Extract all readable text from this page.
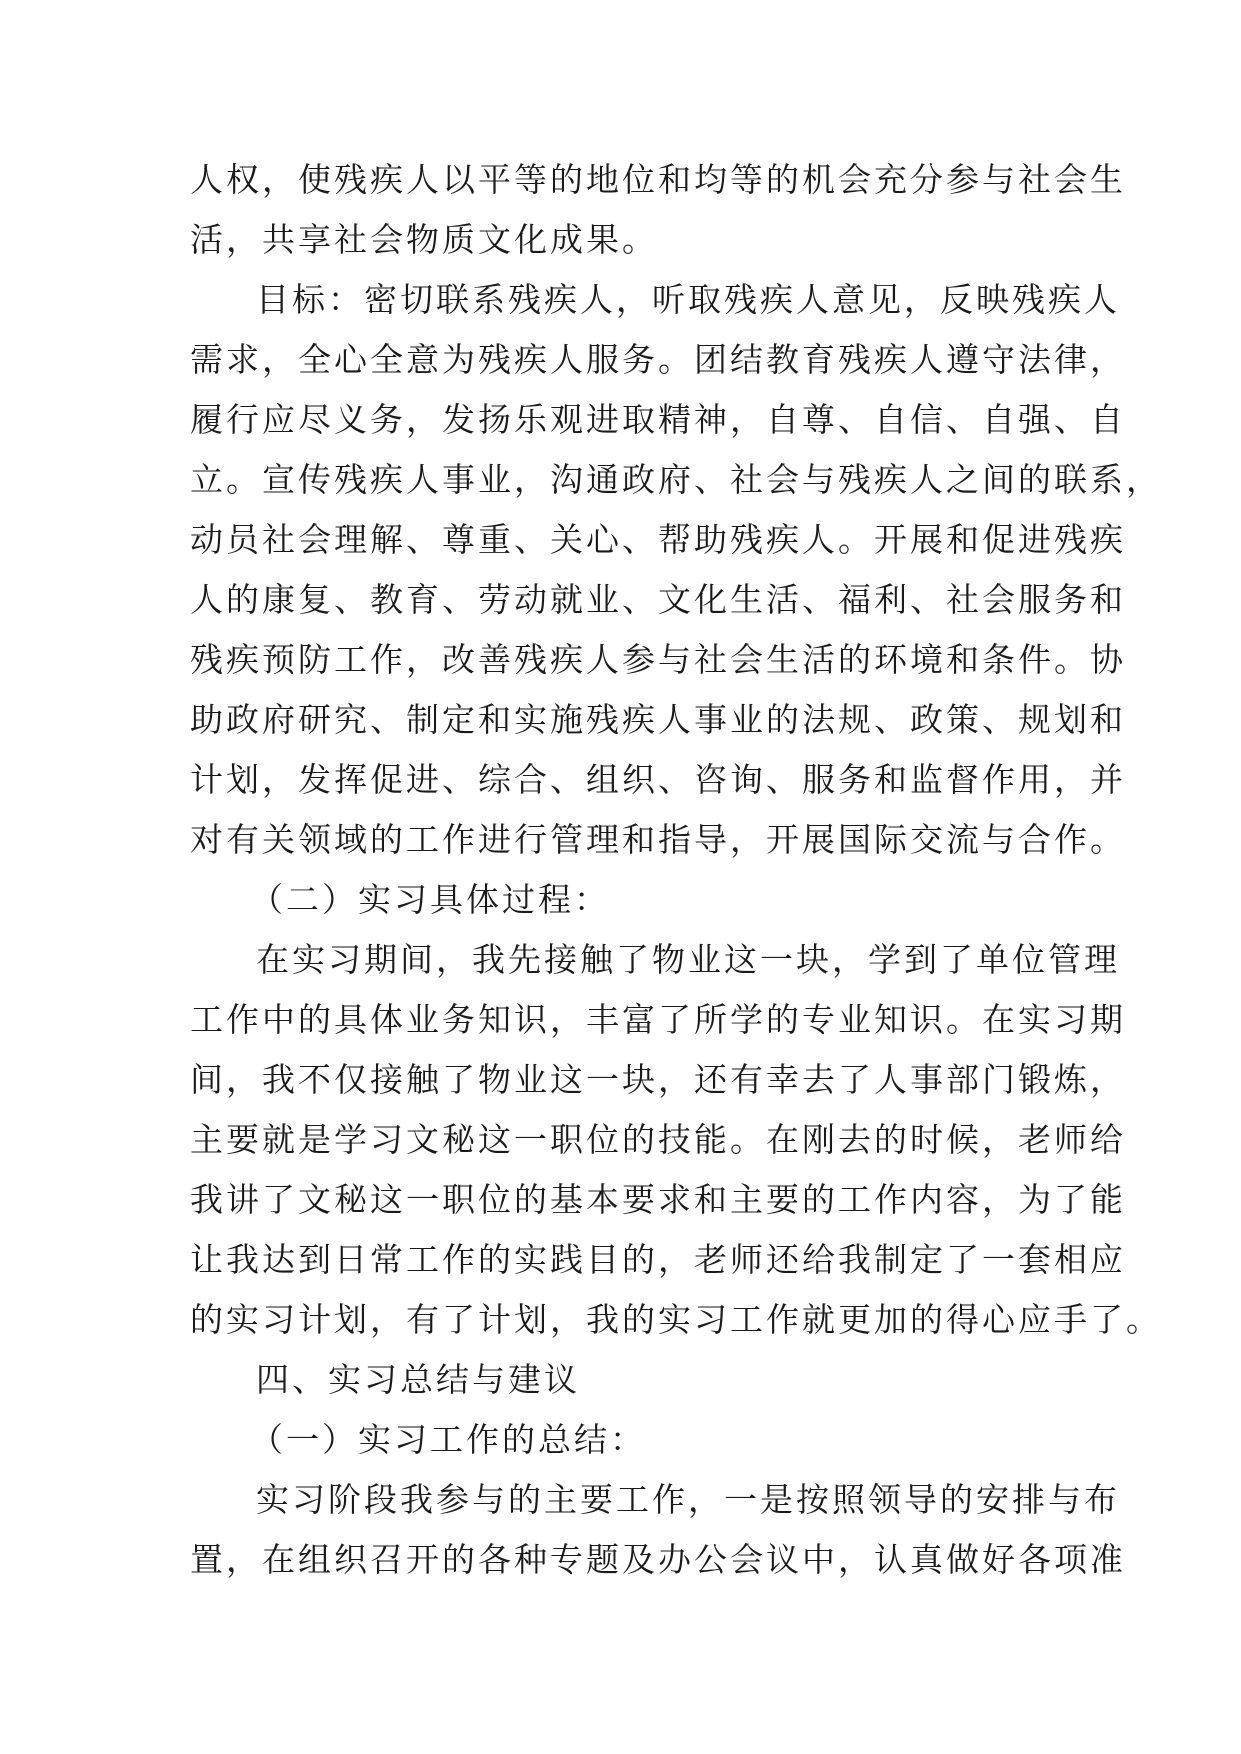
人权，使残疾人以平等的地位和均等的机会充分参与社会生
活，共享社会物质文化成果。
目标：密切联系残疾人，听取残疾人意见，反映残疾人
需求，全心全意为残疾人服务。团结教育残疾人遵守法律，
履行应尽义务，发扬乐观进取精神，自尊、自信、自强、自
立。宣传残疾人事业，沟通政府、社会与残疾人之间的联系，
动员社会理解、尊重、关心、帮助残疾人。开展和促进残疾
人的康复、教育、劳动就业、文化生活、福利、社会服务和
残疾预防工作，改善残疾人参与社会生活的环境和条件。协
助政府研究、制定和实施残疾人事业的法规、政策、规划和
计划，发挥促进、综合、组织、咨询、服务和监督作用，并
对有关领域的工作进行管理和指导，开展国际交流与合作。
（二）实习具体过程：
在实习期间，我先接触了物业这一块，学到了单位管理
工作中的具体业务知识，丰富了所学的专业知识。在实习期
间，我不仅接触了物业这一块，还有幸去了人事部门锻炼，
主要就是学习文秘这一职位的技能。在刚去的时候，老师给
我讲了文秘这一职位的基本要求和主要的工作内容，为了能
让我达到日常工作的实践目的，老师还给我制定了一套相应
的实习计划，有了计划，我的实习工作就更加的得心应手了。
四、实习总结与建议
（一）实习工作的总结：
实习阶段我参与的主要工作，一是按照领导的安排与布
置，在组织召开的各种专题及办公会议中，认真做好各项准
